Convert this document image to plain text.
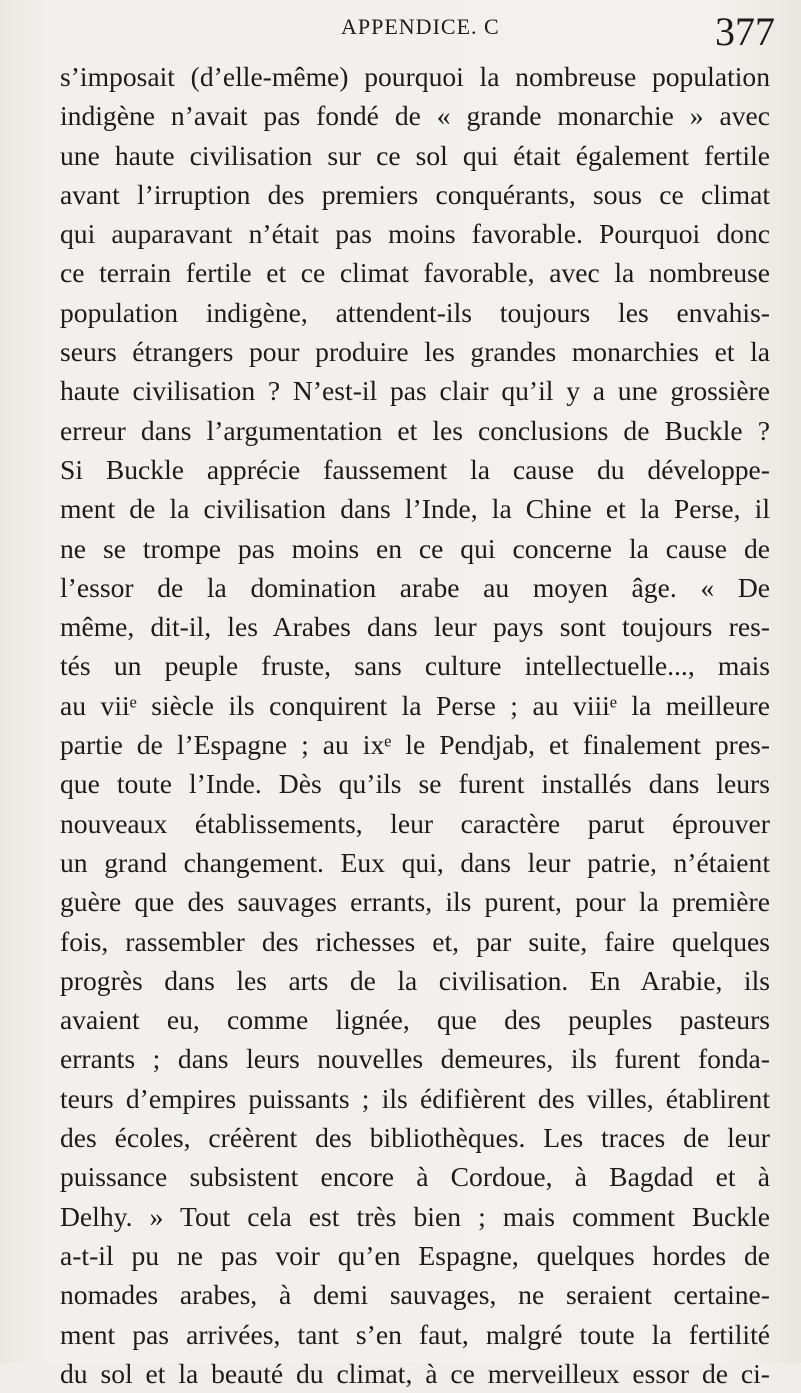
APPENDICE. C	377
s’imposait (d’elle-même) pourquoi la nombreuse population
indigène n’avait pas fondé de « grande monarchie » avec
une haute civilisation sur ce sol qui était également fertile
avant l’irruption des premiers conquérants, sous ce climat
qui auparavant n’était pas moins favorable. Pourquoi donc
ce terrain fertile et ce climat favorable, avec la nombreuse
population indigène, attendent-ils toujours les envahis-
seurs étrangers pour produire les grandes monarchies et la
haute civilisation ? N’est-il pas clair qu’il y a une grossière
erreur dans l’argumentation et les conclusions de Buckle ?
Si Buckle apprécie faussement la cause du développe-
ment de la civilisation dans l’Inde, la Chine et la Perse, il
ne se trompe pas moins en ce qui concerne la cause de
l’essor de la domination arabe au moyen âge. « De
même, dit-il, les Arabes dans leur pays sont toujours res-
tés un peuple fruste, sans culture intellectuelle..., mais
au viiᵉ siècle ils conquirent la Perse ; au viiiᵉ la meilleure
partie de l’Espagne ; au ixᵉ le Pendjab, et finalement pres-
que toute l’Inde. Dès qu’ils se furent installés dans leurs
nouveaux établissements, leur caractère parut éprouver
un grand changement. Eux qui, dans leur patrie, n’étaient
guère que des sauvages errants, ils purent, pour la première
fois, rassembler des richesses et, par suite, faire quelques
progrès dans les arts de la civilisation. En Arabie, ils
avaient eu, comme lignée, que des peuples pasteurs
errants ; dans leurs nouvelles demeures, ils furent fonda-
teurs d’empires puissants ; ils édifièrent des villes, établirent
des écoles, créèrent des bibliothèques. Les traces de leur
puissance subsistent encore à Cordoue, à Bagdad et à
Delhy. » Tout cela est très bien ; mais comment Buckle
a-t-il pu ne pas voir qu’en Espagne, quelques hordes de
nomades arabes, à demi sauvages, ne seraient certaine-
ment pas arrivées, tant s’en faut, malgré toute la fertilité
du sol et la beauté du climat, à ce merveilleux essor de ci-
